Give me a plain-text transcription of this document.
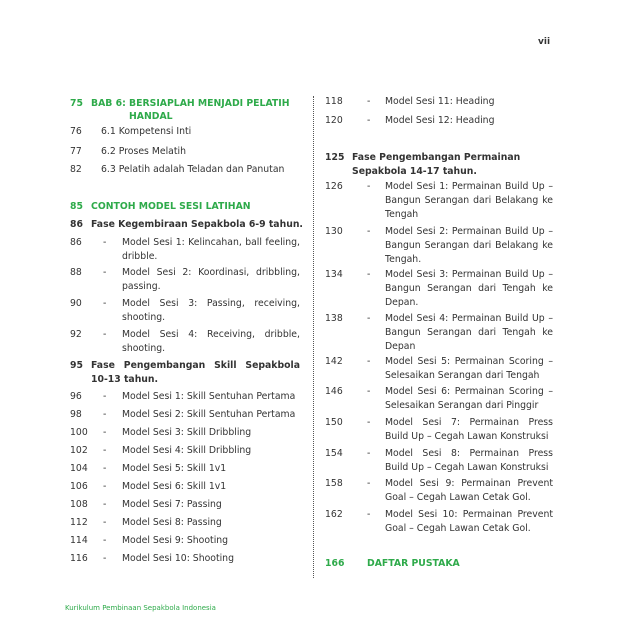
vii
75 BAB 6: BERSIAPLAH MENJADI PELATIH HANDAL
76	6.1 Kompetensi Inti
77	6.2 Proses Melatih
82	6.3 Pelatih adalah Teladan dan Panutan
85 CONTOH MODEL SESI LATIHAN
86 Fase Kegembiraan Sepakbola 6-9 tahun.
86	- Model Sesi 1: Kelincahan, ball feeling, dribble.
88	- Model Sesi 2: Koordinasi, dribbling, passing.
90	- Model Sesi 3: Passing, receiving, shooting.
92	- Model Sesi 4: Receiving, dribble, shooting.
95 Fase Pengembangan Skill Sepakbola 10-13 tahun.
96	- Model Sesi 1: Skill Sentuhan Pertama
98	- Model Sesi 2: Skill Sentuhan Pertama
100	- Model Sesi 3: Skill Dribbling
102	- Model Sesi 4: Skill Dribbling
104	- Model Sesi 5: Skill 1v1
106	- Model Sesi 6: Skill 1v1
108	- Model Sesi 7: Passing
112	- Model Sesi 8: Passing
114	- Model Sesi 9: Shooting
116	- Model Sesi 10: Shooting
118	- Model Sesi 11: Heading
120	- Model Sesi 12: Heading
125 Fase Pengembangan Permainan Sepakbola 14-17 tahun.
126	- Model Sesi 1: Permainan Build Up – Bangun Serangan dari Belakang ke Tengah
130	- Model Sesi 2: Permainan Build Up – Bangun Serangan dari Belakang ke Tengah.
134	- Model Sesi 3: Permainan Build Up – Bangun Serangan dari Tengah ke Depan.
138	- Model Sesi 4: Permainan Build Up – Bangun Serangan dari Tengah ke Depan
142	- Model Sesi 5: Permainan Scoring – Selesaikan Serangan dari Tengah
146	- Model Sesi 6: Permainan Scoring – Selesaikan Serangan dari Pinggir
150	- Model Sesi 7: Permainan Press Build Up – Cegah Lawan Konstruksi
154	- Model Sesi 8: Permainan Press Build Up – Cegah Lawan Konstruksi
158	- Model Sesi 9: Permainan Prevent Goal – Cegah Lawan Cetak Gol.
162	- Model Sesi 10: Permainan Prevent Goal – Cegah Lawan Cetak Gol.
166 DAFTAR PUSTAKA
Kurikulum Pembinaan Sepakbola Indonesia
